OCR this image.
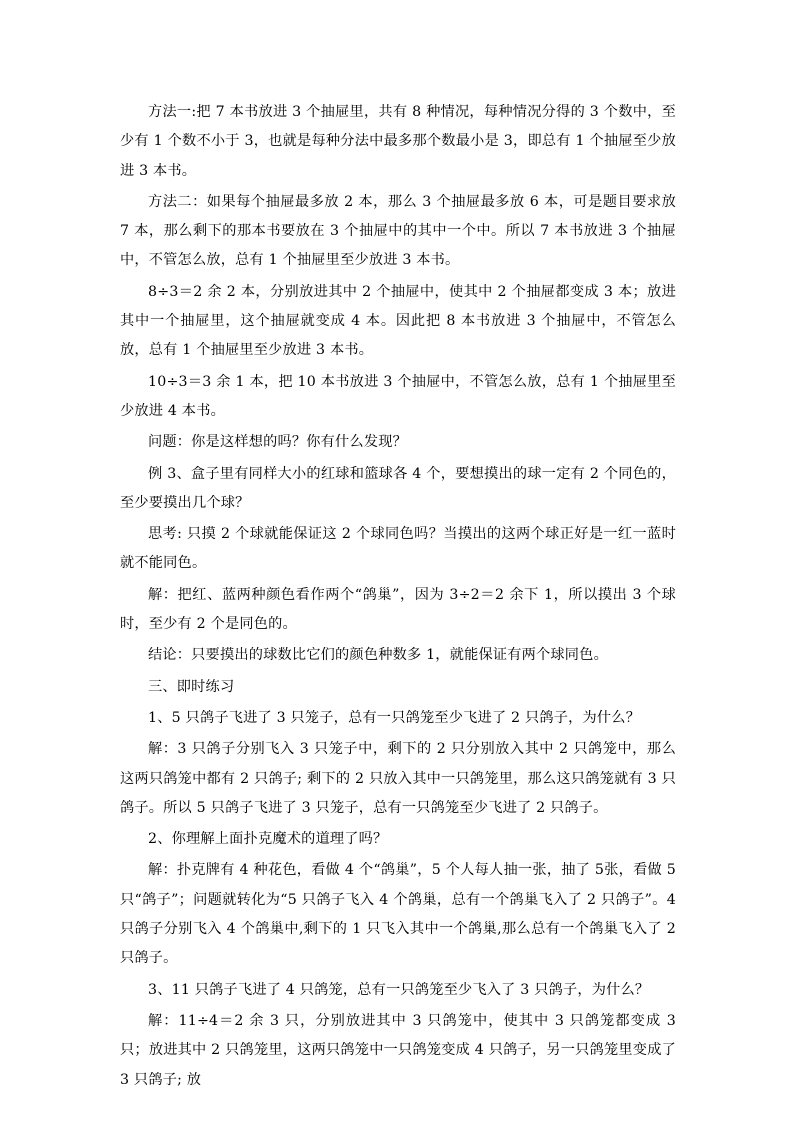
方法一:把 7 本书放进 3 个抽屉里，共有 8 种情况，每种情况分得的 3 个数中，至少有 1 个数不小于 3，也就是每种分法中最多那个数最小是 3，即总有 1 个抽屉至少放进 3 本书。

方法二：如果每个抽屉最多放 2 本，那么 3 个抽屉最多放 6 本，可是题目要求放 7 本，那么剩下的那本书要放在 3 个抽屉中的其中一个中。所以 7 本书放进 3 个抽屉中，不管怎么放，总有 1 个抽屉里至少放进 3 本书。

8÷3＝2 余 2 本，分别放进其中 2 个抽屉中，使其中 2 个抽屉都变成 3 本；放进其中一个抽屉里，这个抽屉就变成 4 本。因此把 8 本书放进 3 个抽屉中，不管怎么放，总有 1 个抽屉里至少放进 3 本书。

10÷3＝3 余 1 本，把 10 本书放进 3 个抽屉中，不管怎么放，总有 1 个抽屉里至少放进 4 本书。

问题：你是这样想的吗？你有什么发现？

例 3、盒子里有同样大小的红球和篮球各 4 个，要想摸出的球一定有 2 个同色的，至少要摸出几个球？

思考: 只摸 2 个球就能保证这 2 个球同色吗？当摸出的这两个球正好是一红一蓝时就不能同色。

解：把红、蓝两种颜色看作两个“鸽巢”，因为 3÷2＝2 余下 1，所以摸出 3 个球时，至少有 2 个是同色的。

结论：只要摸出的球数比它们的颜色种数多 1，就能保证有两个球同色。

三、即时练习

1、5 只鸽子飞进了 3 只笼子，总有一只鸽笼至少飞进了 2 只鸽子，为什么？

解：3 只鸽子分别飞入 3 只笼子中，剩下的 2 只分别放入其中 2 只鸽笼中，那么这两只鸽笼中都有 2 只鸽子; 剩下的 2 只放入其中一只鸽笼里，那么这只鸽笼就有 3 只鸽子。所以 5 只鸽子飞进了 3 只笼子，总有一只鸽笼至少飞进了 2 只鸽子。

2、你理解上面扑克魔术的道理了吗？

解：扑克牌有 4 种花色，看做 4 个“鸽巢”，5 个人每人抽一张，抽了 5张，看做 5 只“鸽子”；问题就转化为“5 只鸽子飞入 4 个鸽巢，总有一个鸽巢飞入了 2 只鸽子”。4 只鸽子分别飞入 4 个鸽巢中,剩下的 1 只飞入其中一个鸽巢,那么总有一个鸽巢飞入了 2 只鸽子。

3、11 只鸽子飞进了 4 只鸽笼，总有一只鸽笼至少飞入了 3 只鸽子，为什么？

解：11÷4＝2 余 3 只，分别放进其中 3 只鸽笼中，使其中 3 只鸽笼都变成 3 只；放进其中 2 只鸽笼里，这两只鸽笼中一只鸽笼变成 4 只鸽子，另一只鸽笼里变成了 3 只鸽子; 放
